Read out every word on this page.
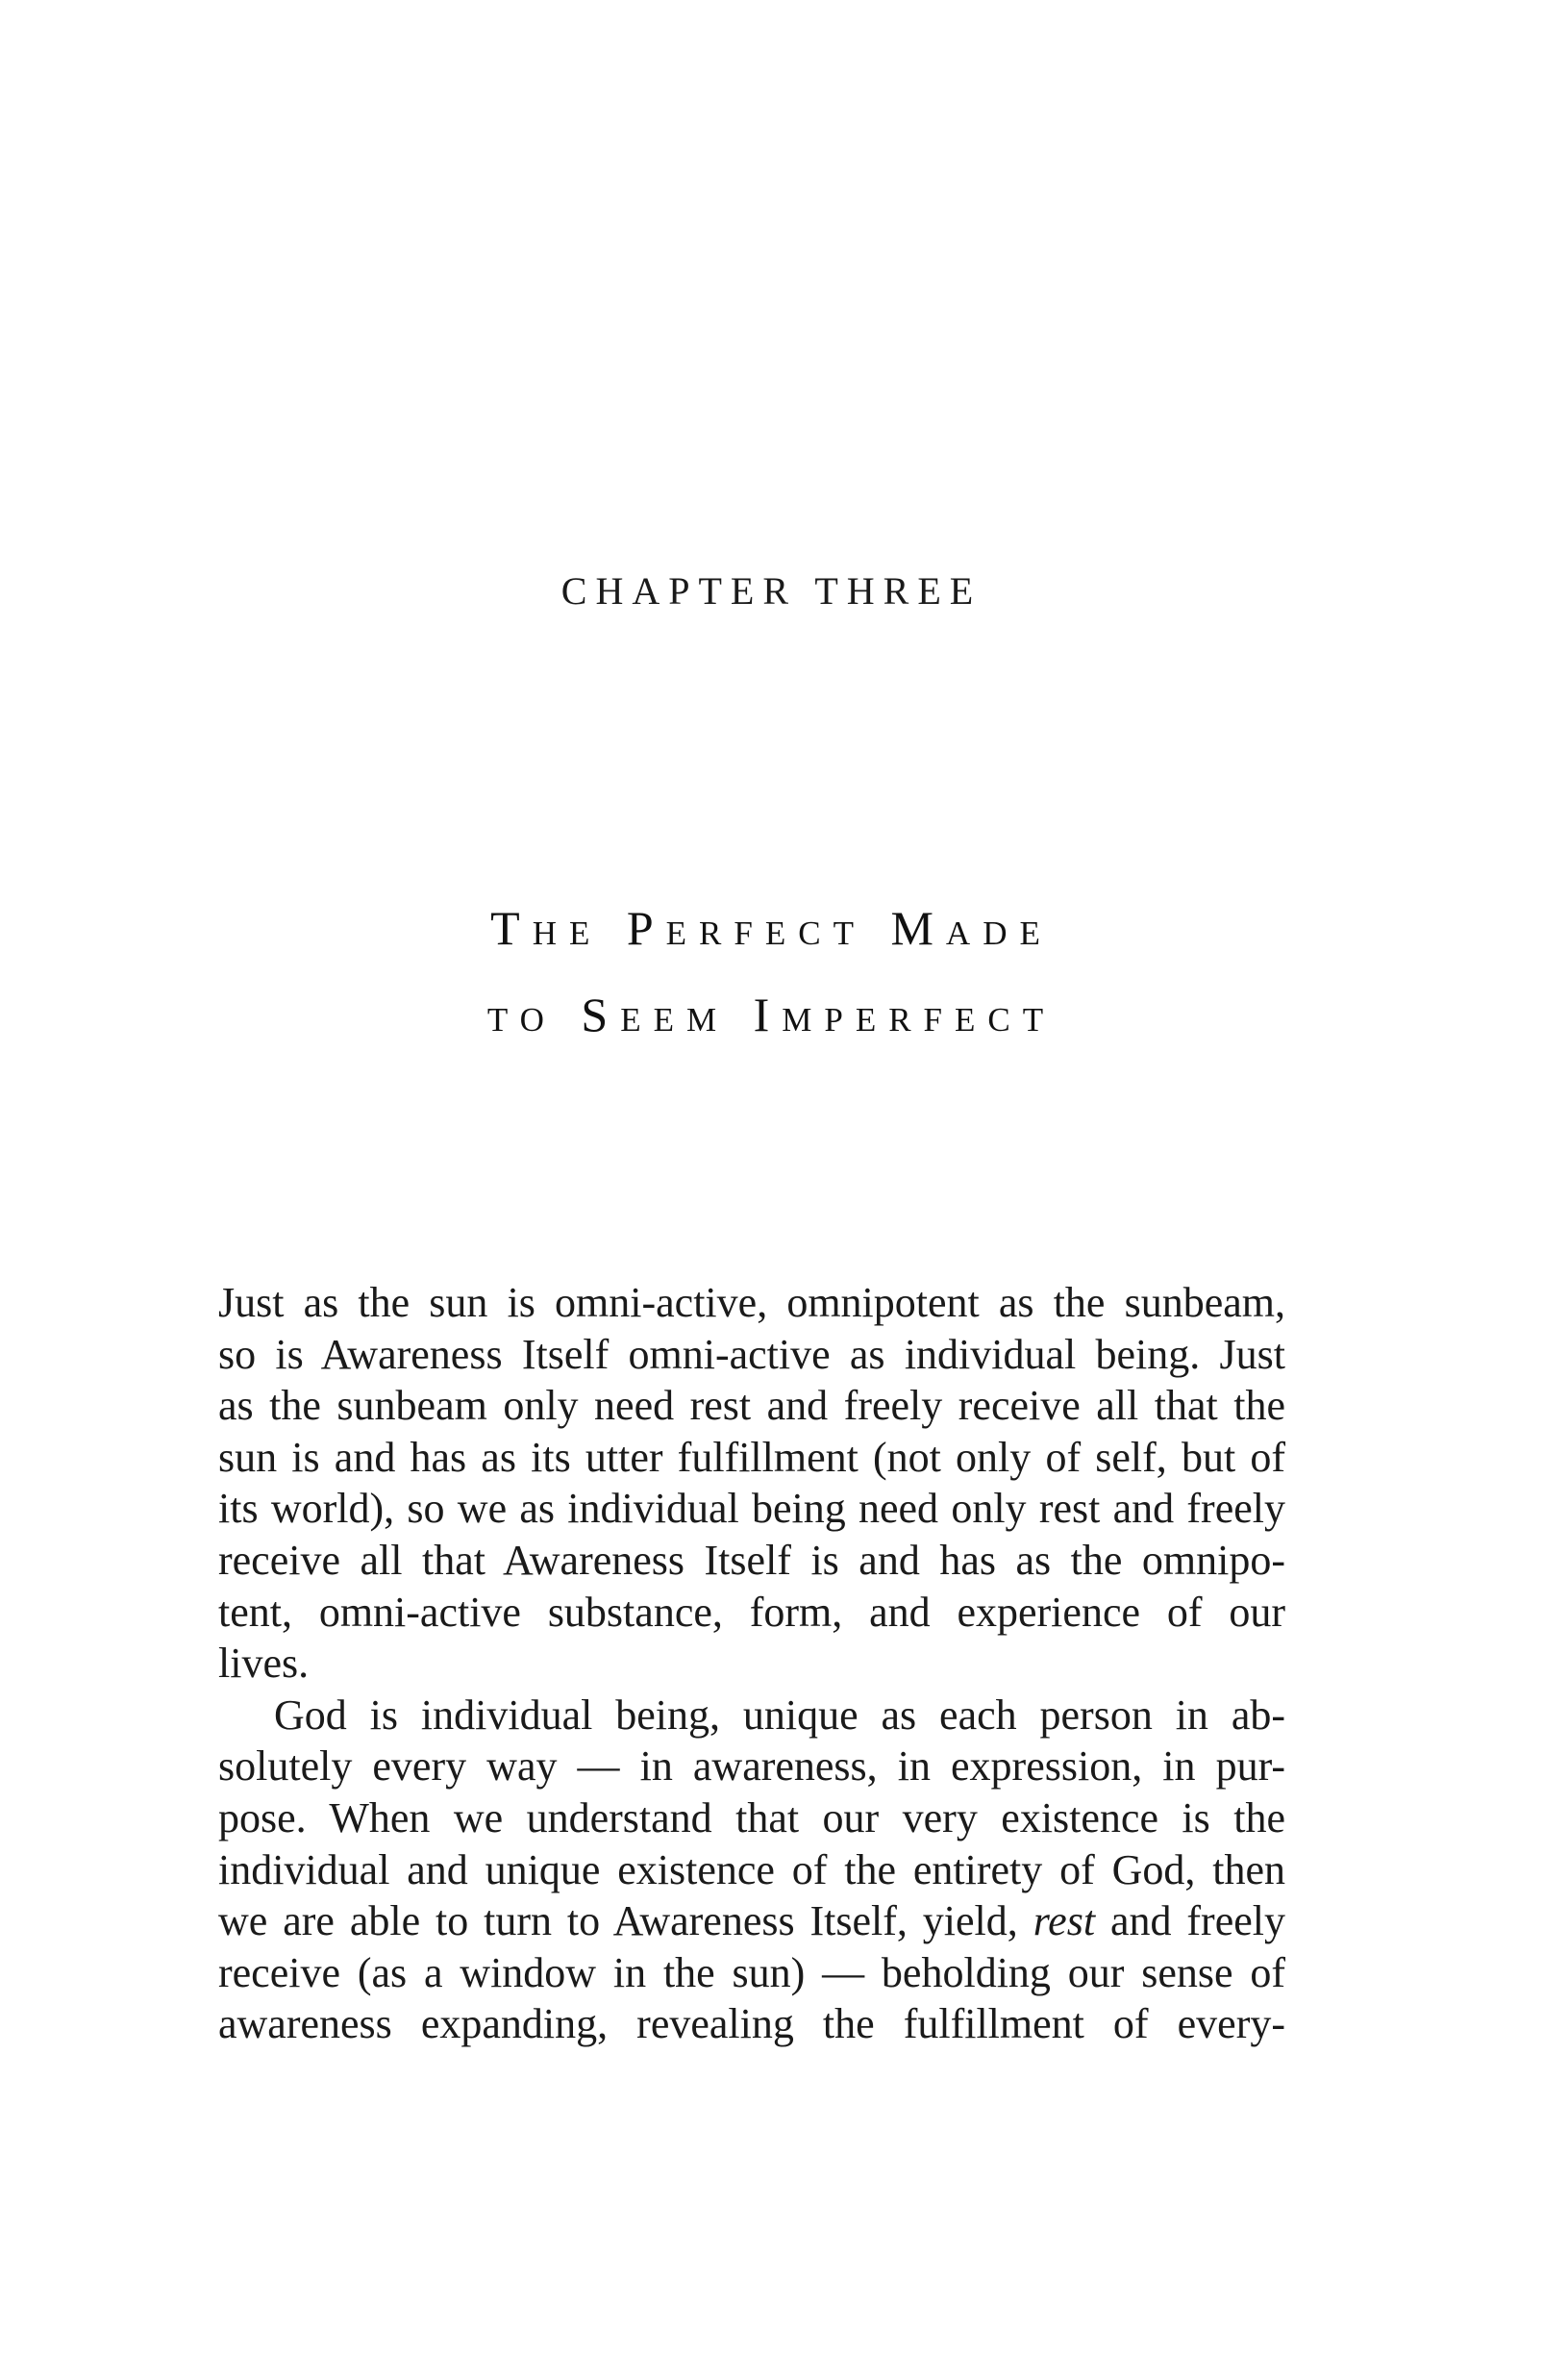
CHAPTER THREE
The Perfect Made
to Seem Imperfect

Just as the sun is omni-active, omnipotent as the sunbeam,
so is Awareness Itself omni-active as individual being. Just
as the sunbeam only need rest and freely receive all that the
sun is and has as its utter fulfillment (not only of self, but of
its world), so we as individual being need only rest and freely
receive all that Awareness Itself is and has as the omnipo-
tent, omni-active substance, form, and experience of our
lives.

God is individual being, unique as each person in ab-
solutely every way — in awareness, in expression, in pur-
pose. When we understand that our very existence is the
individual and unique existence of the entirety of God, then
we are able to turn to Awareness Itself, yield, rest and freely
receive (as a window in the sun) — beholding our sense of
awareness expanding, revealing the fulfillment of every-
